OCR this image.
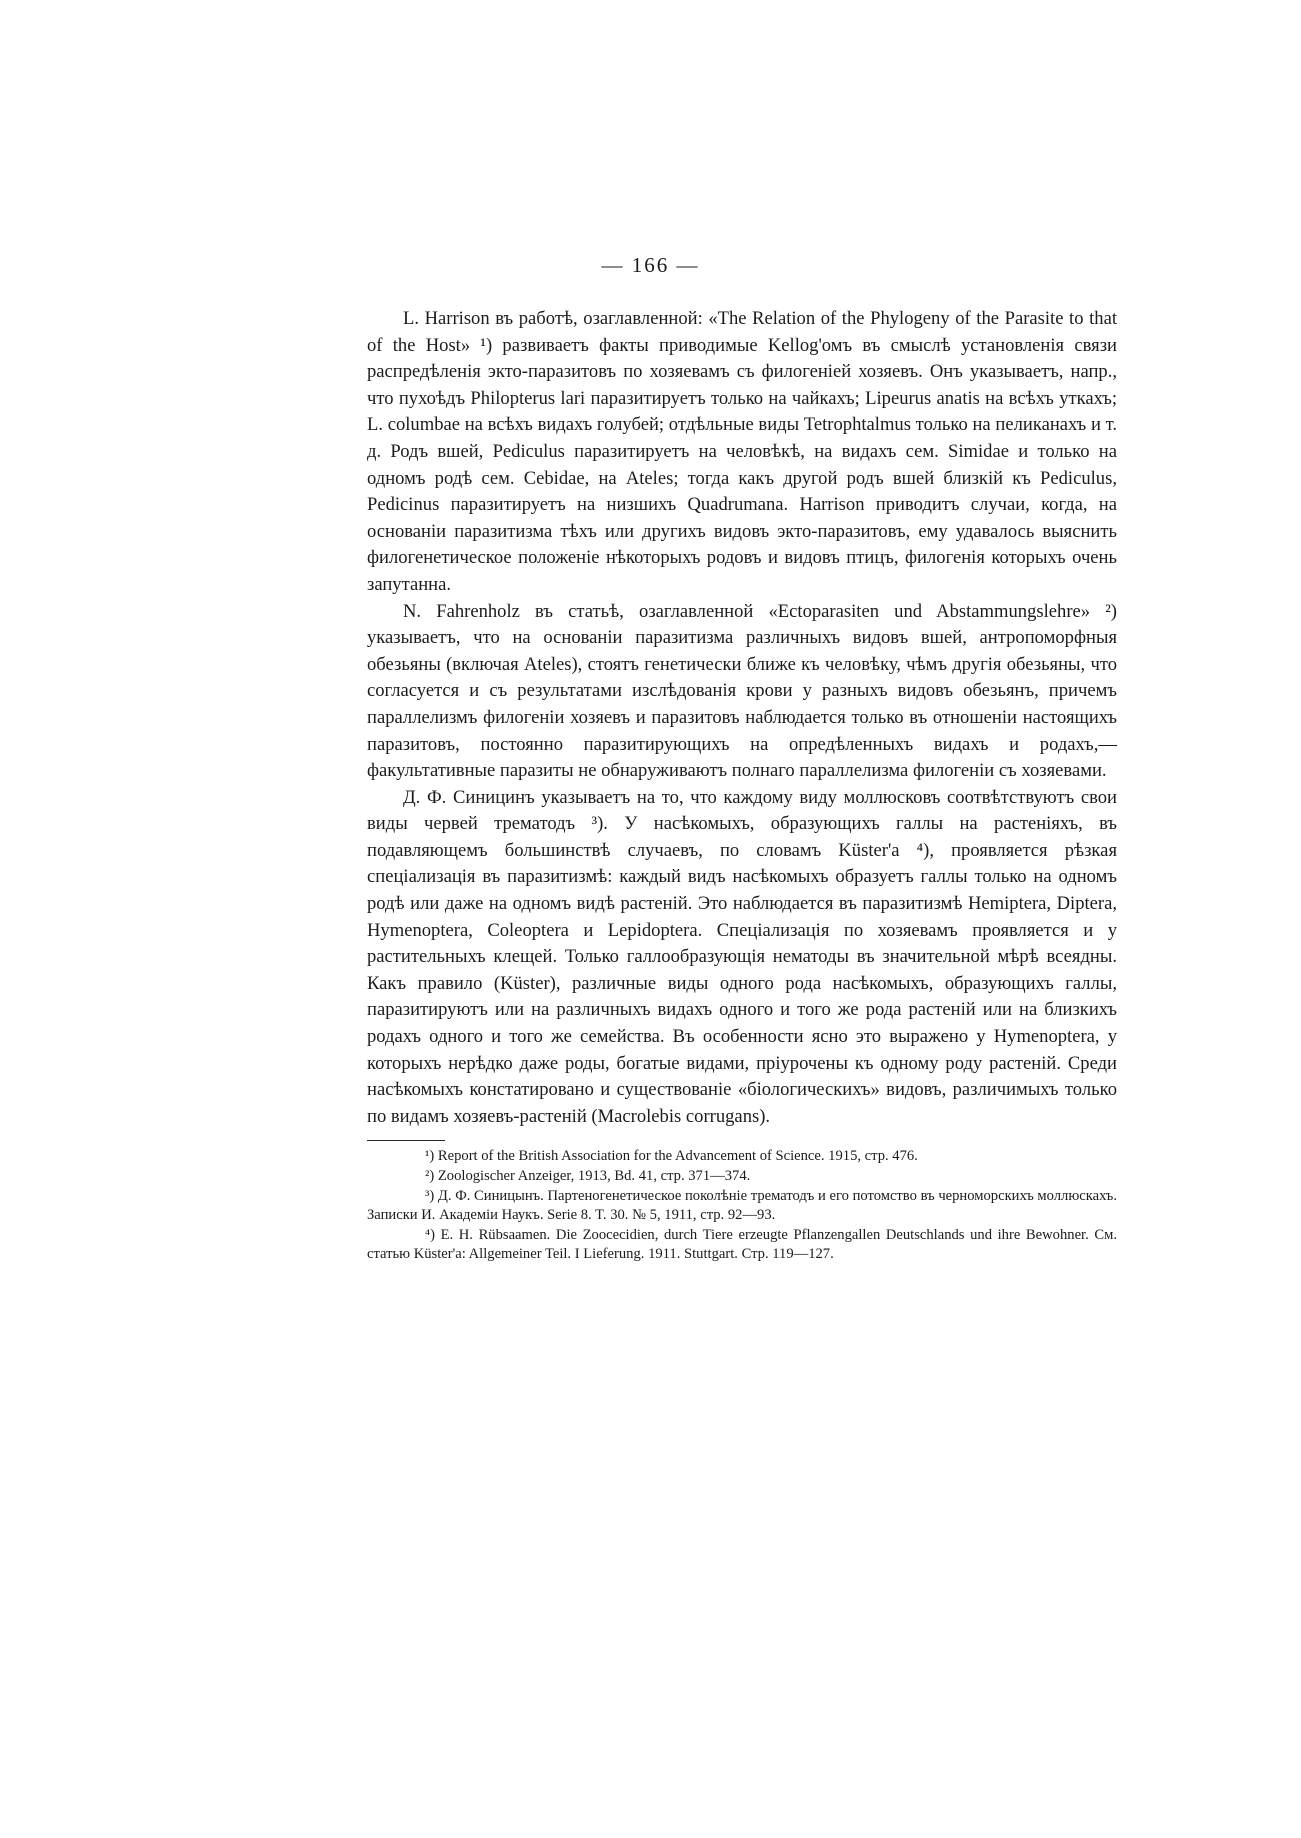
— 166 —

L. Harrison въ работѣ, озаглавленной: «The Relation of the Phylogeny of the Parasite to that of the Host» ¹) развиваетъ факты приводимые Kellog'омъ въ смыслѣ установленія связи распредѣленія экто-паразитовъ по хозяевамъ съ филогеніей хозяевъ. Онъ указываетъ, напр., что пухоѣдъ Philopterus lari паразитируетъ только на чайкахъ; Lipeurus anatis на всѣхъ уткахъ; L. columbae на всѣхъ видахъ голубей; отдѣльные виды Tetrophtalmus только на пеликанахъ и т. д. Родъ вшей, Pediculus паразитируетъ на человѣкѣ, на видахъ сем. Simidae и только на одномъ родѣ сем. Cebidae, на Ateles; тогда какъ другой родъ вшей близкій къ Pediculus, Pedicinus паразитируетъ на низшихъ Quadrumana. Harrison приводитъ случаи, когда, на основаніи паразитизма тѣхъ или другихъ видовъ экто-паразитовъ, ему удавалось выяснить филогенетическое положеніе нѣкоторыхъ родовъ и видовъ птицъ, филогенія которыхъ очень запутанна.

N. Fahrenholz въ статьѣ, озаглавленной «Ectoparasiten und Abstammungslehre» ²) указываетъ, что на основаніи паразитизма различныхъ видовъ вшей, антропоморфныя обезьяны (включая Ateles), стоятъ генетически ближе къ человѣку, чѣмъ другія обезьяны, что согласуется и съ результатами изслѣдованія крови у разныхъ видовъ обезьянъ, причемъ параллелизмъ филогеніи хозяевъ и паразитовъ наблюдается только въ отношеніи настоящихъ паразитовъ, постоянно паразитирующихъ на опредѣленныхъ видахъ и родахъ,—факультативные паразиты не обнаруживаютъ полнаго параллелизма филогеніи съ хозяевами.

Д. Ф. Синицинъ указываетъ на то, что каждому виду моллюсковъ соотвѣтствуютъ свои виды червей трематодъ ³). У насѣкомыхъ, образующихъ галлы на растеніяхъ, въ подавляющемъ большинствѣ случаевъ, по словамъ Küster'a ⁴), проявляется рѣзкая спеціализація въ паразитизмѣ: каждый видъ насѣкомыхъ образуетъ галлы только на одномъ родѣ или даже на одномъ видѣ растеній. Это наблюдается въ паразитизмѣ Hemiptera, Diptera, Hymenoptera, Coleoptera и Lepidoptera. Спеціализація по хозяевамъ проявляется и у растительныхъ клещей. Только галлообразующія нематоды въ значительной мѣрѣ всеядны. Какъ правило (Küster), различные виды одного рода насѣкомыхъ, образующихъ галлы, паразитируютъ или на различныхъ видахъ одного и того же рода растеній или на близкихъ родахъ одного и того же семейства. Въ особенности ясно это выражено у Hymenoptera, у которыхъ нерѣдко даже роды, богатые видами, пріурочены къ одному роду растеній. Среди насѣкомыхъ констатировано и существованіе «біологическихъ» видовъ, различимыхъ только по видамъ хозяевъ-растеній (Macrolebis corrugans).

¹) Report of the British Association for the Advancement of Science. 1915, стр. 476.

²) Zoologischer Anzeiger, 1913, Bd. 41, стр. 371—374.

³) Д. Ф. Синицынъ. Партеногенетическое поколѣніе трематодъ и его потомство въ черноморскихъ моллюскахъ. Записки И. Академіи Наукъ. Serie 8. T. 30. № 5, 1911, стр. 92—93.

⁴) E. H. Rübsaamen. Die Zoocecidien, durch Tiere erzeugte Pflanzengallen Deutschlands und ihre Bewohner. См. статью Küster'a: Allgemeiner Teil. I Lieferung. 1911. Stuttgart. Стр. 119—127.
